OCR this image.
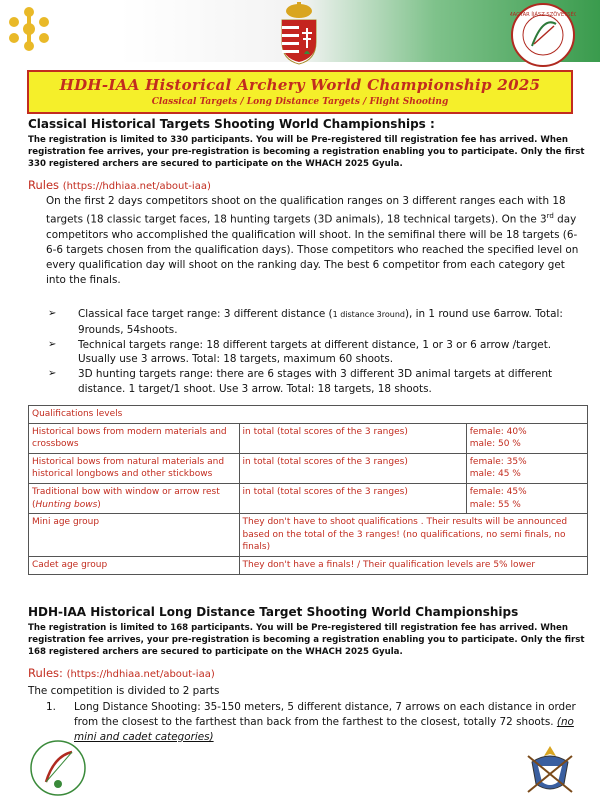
MAGYAR ÍJÁSZ SZÖVETSÉG
HDH-IAA Historical Archery World Championship 2025
Classical Targets / Long Distance Targets / Flight Shooting
Classical Historical Targets Shooting World Championships :
The registration is limited to 330 participants. You will be Pre-registered till registration fee has arrived. When registration fee arrives, your pre-registration is becoming a registration enabling you to participate. Only the first 330 registered archers are secured to participate on the WHACH 2025 Gyula.
Rules (https://hdhiaa.net/about-iaa)
On the first 2 days competitors shoot on the qualification ranges on 3 different ranges each with 18 targets (18 classic target faces, 18 hunting targets (3D animals), 18 technical targets). On the 3rd day competitors who accomplished the qualification will shoot. In the semifinal there will be 18 targets (6-6-6 targets chosen from the qualification days). Those competitors who reached the specified level on every qualification day will shoot on the ranking day. The best 6 competitor from each category get into the finals.
➢ Classical face target range: 3 different distance (1 distance 3round), in 1 round use 6arrow. Total: 9rounds, 54shoots.
➢ Technical targets range: 18 different targets at different distance, 1 or 3 or 6 arrow /target. Usually use 3 arrows. Total: 18 targets, maximum 60 shoots.
➢ 3D hunting targets range: there are 6 stages with 3 different 3D animal targets at different distance. 1 target/1 shoot. Use 3 arrow. Total: 18 targets, 18 shoots.
Qualifications levels		
Historical bows from modern materials and crossbows	in total (total scores of the 3 ranges)	female: 40%
male: 50 %

Historical bows from natural materials and historical longbows and other stickbows	in total (total scores of the 3 ranges)	female: 35%
male: 45 %

Traditional bow with window or arrow rest (Hunting bows)	in total (total scores of the 3 ranges)	female: 45%
male: 55 %

Mini age group	They don't have to shoot qualifications . Their results will be announced based on the total of the 3 ranges! (no qualifications, no semi finals, no finals)	
Cadet age group	They don't have a finals! / Their qualification levels are 5% lower	
HDH-IAA Historical Long Distance Target Shooting World Championships
The registration is limited to 168 participants. You will be Pre-registered till registration fee has arrived. When registration fee arrives, your pre-registration is becoming a registration enabling you to participate. Only the first 168 registered archers are secured to participate on the WHACH 2025 Gyula.
Rules: (https://hdhiaa.net/about-iaa)
The competition is divided to 2 parts
1.	Long Distance Shooting: 35-150 meters, 5 different distance, 7 arrows on each distance in order from the closest to the farthest than back from the farthest to the closest, totally 72 shoots. (no mini and cadet categories)
